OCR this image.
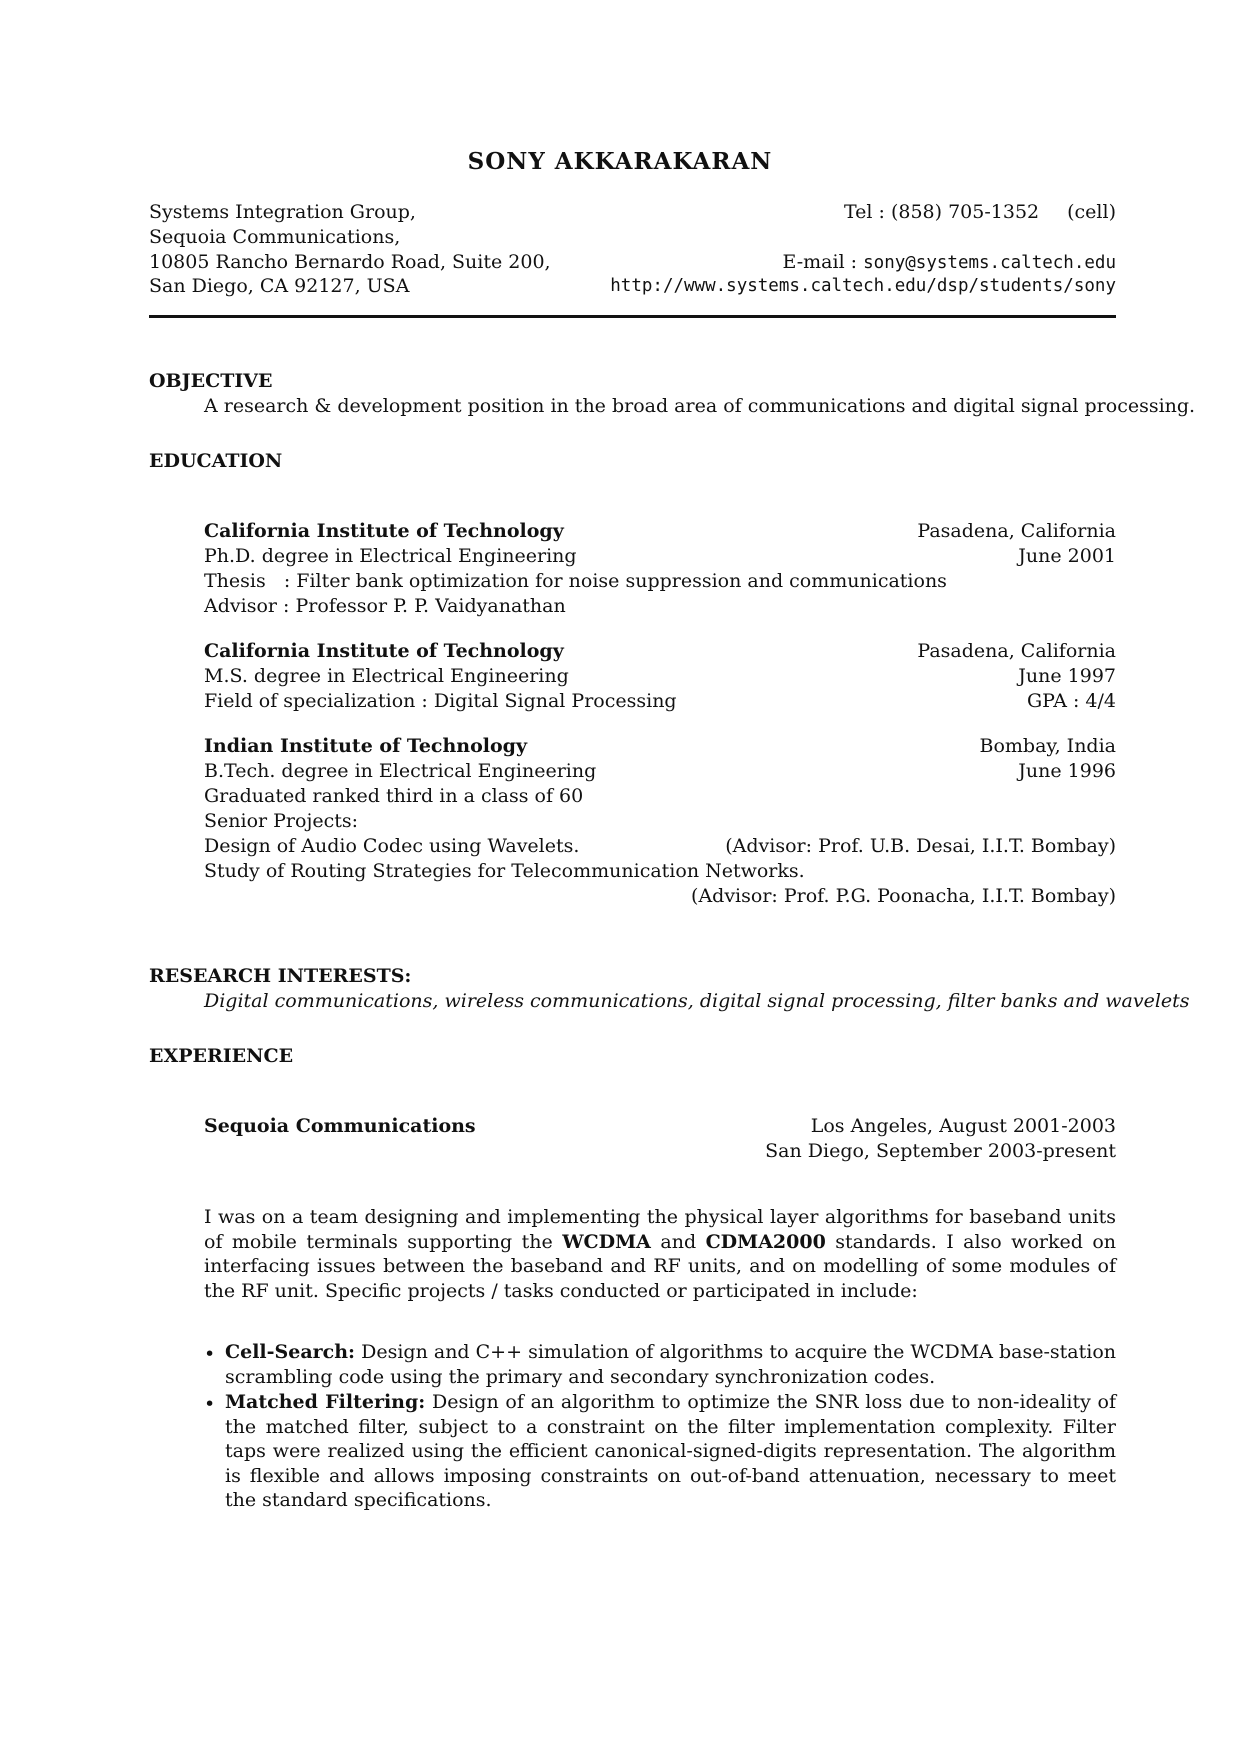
SONY AKKARAKARAN
Systems Integration Group,
Sequoia Communications,
10805 Rancho Bernardo Road, Suite 200,
San Diego, CA 92127, USA
Tel : (858) 705-1352 (cell)
E-mail : sony@systems.caltech.edu
http://www.systems.caltech.edu/dsp/students/sony
OBJECTIVE
A research & development position in the broad area of communications and digital signal processing.
EDUCATION
California Institute of Technology	Pasadena, California
Ph.D. degree in Electrical Engineering	June 2001
Thesis   : Filter bank optimization for noise suppression and communications
Advisor : Professor P. P. Vaidyanathan
California Institute of Technology	Pasadena, California
M.S. degree in Electrical Engineering	June 1997
Field of specialization : Digital Signal Processing	GPA : 4/4
Indian Institute of Technology	Bombay, India
B.Tech. degree in Electrical Engineering	June 1996
Graduated ranked third in a class of 60
Senior Projects:
Design of Audio Codec using Wavelets.	(Advisor: Prof. U.B. Desai, I.I.T. Bombay)
Study of Routing Strategies for Telecommunication Networks.
(Advisor: Prof. P.G. Poonacha, I.I.T. Bombay)
RESEARCH INTERESTS:
Digital communications, wireless communications, digital signal processing, filter banks and wavelets
EXPERIENCE
Sequoia Communications	Los Angeles, August 2001-2003
San Diego, September 2003-present
I was on a team designing and implementing the physical layer algorithms for baseband units of mobile terminals supporting the WCDMA and CDMA2000 standards. I also worked on interfacing issues between the baseband and RF units, and on modelling of some modules of the RF unit. Specific projects / tasks conducted or participated in include:
• Cell-Search: Design and C++ simulation of algorithms to acquire the WCDMA base-station scrambling code using the primary and secondary synchronization codes.
• Matched Filtering: Design of an algorithm to optimize the SNR loss due to non-ideality of the matched filter, subject to a constraint on the filter implementation complexity. Filter taps were realized using the efficient canonical-signed-digits representation. The algorithm is flexible and allows imposing constraints on out-of-band attenuation, necessary to meet the standard specifications.
